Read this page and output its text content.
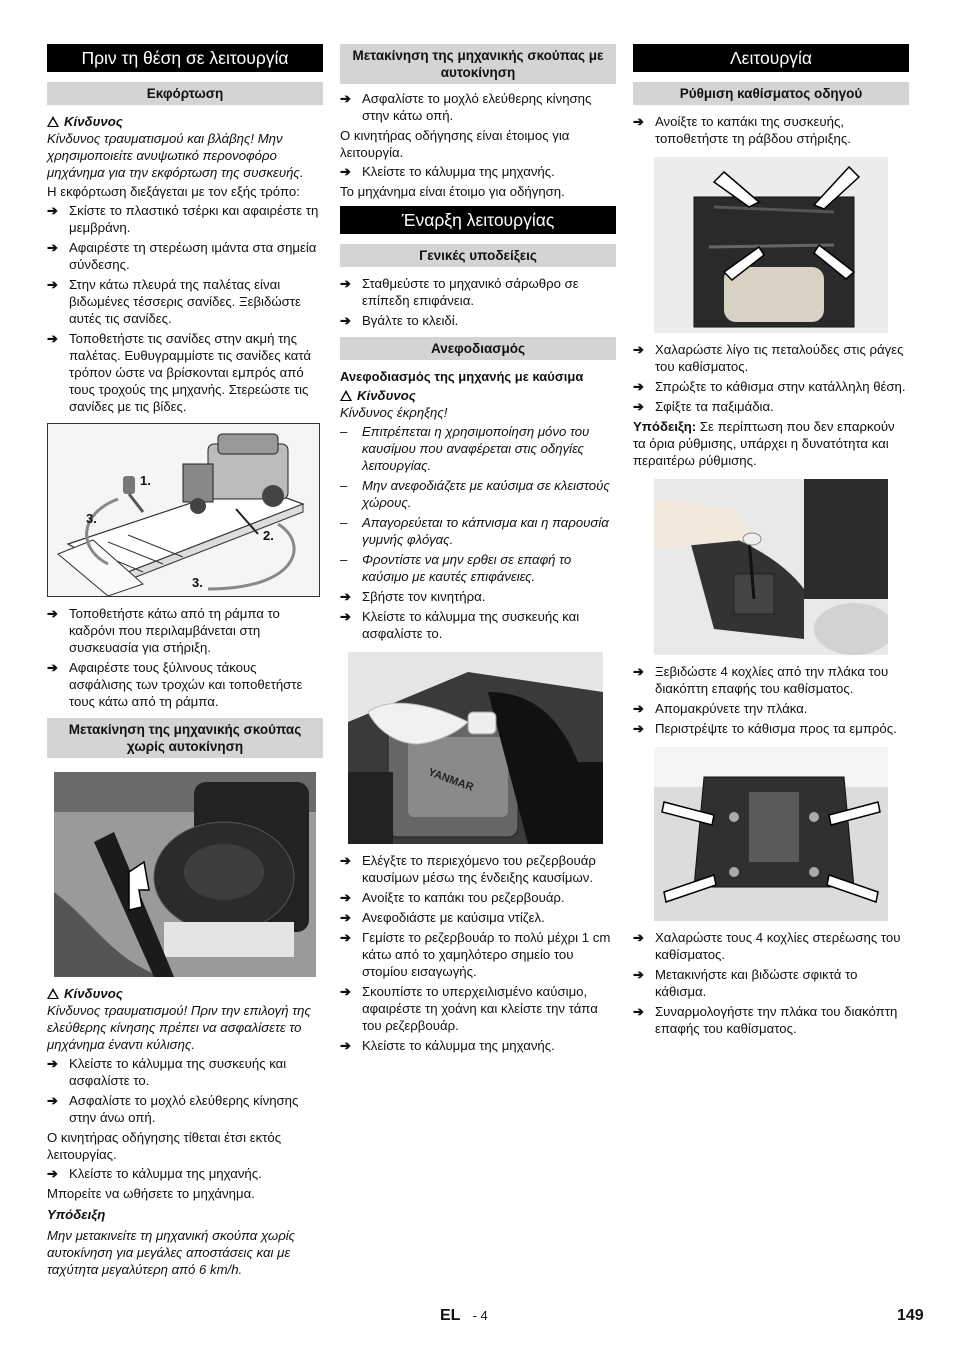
Πριν τη θέση σε λειτουργία
Εκφόρτωση
Κίνδυνος

Κίνδυνος τραυματισμού και βλάβης! Μην χρησιμοποιείτε ανυψωτικό περονοφόρο μηχάνημα για την εκφόρτωση της συσκευής.

Η εκφόρτωση διεξάγεται με τον εξής τρόπο:

➔ Σκίστε το πλαστικό τσέρκι και αφαιρέστε τη μεμβράνη.
➔ Αφαιρέστε τη στερέωση ιμάντα στα σημεία σύνδεσης.
➔ Στην κάτω πλευρά της παλέτας είναι βιδωμένες τέσσερις σανίδες. Ξεβιδώστε αυτές τις σανίδες.
➔ Τοποθετήστε τις σανίδες στην ακμή της παλέτας. Ευθυγραμμίστε τις σανίδες κατά τρόπον ώστε να βρίσκονται εμπρός από τους τροχούς της μηχανής. Στερεώστε τις σανίδες με τις βίδες.
1.
2.
3.
3.
➔ Τοποθετήστε κάτω από τη ράμπα το καδρόνι που περιλαμβάνεται στη συσκευασία για στήριξη.
➔ Αφαιρέστε τους ξύλινους τάκους ασφάλισης των τροχών και τοποθετήστε τους κάτω από τη ράμπα.
Μετακίνηση της μηχανικής σκούπας χωρίς αυτοκίνηση
Κίνδυνος

Κίνδυνος τραυματισμού! Πριν την επιλογή της ελεύθερης κίνησης πρέπει να ασφαλίσετε το μηχάνημα έναντι κύλισης.

➔ Κλείστε το κάλυμμα της συσκευής και ασφαλίστε το.
➔ Ασφαλίστε το μοχλό ελεύθερης κίνησης στην άνω οπή.

Ο κινητήρας οδήγησης τίθεται έτσι εκτός λειτουργίας.

➔ Κλείστε το κάλυμμα της μηχανής.

Μπορείτε να ωθήσετε το μηχάνημα.

Υπόδειξη

Μην μετακινείτε τη μηχανική σκούπα χωρίς αυτοκίνηση για μεγάλες αποστάσεις και με ταχύτητα μεγαλύτερη από 6 km/h.

Μετακίνηση της μηχανικής σκούπας με αυτοκίνηση
➔ Ασφαλίστε το μοχλό ελεύθερης κίνησης στην κάτω οπή.

Ο κινητήρας οδήγησης είναι έτοιμος για λειτουργία.

➔ Κλείστε το κάλυμμα της μηχανής.

Το μηχάνημα είναι έτοιμο για οδήγηση.

Έναρξη λειτουργίας
Γενικές υποδείξεις
➔ Σταθμεύστε το μηχανικό σάρωθρο σε επίπεδη επιφάνεια.
➔ Βγάλτε το κλειδί.
Ανεφοδιασμός

Ανεφοδιασμός της μηχανής με καύσιμα

Κίνδυνος

Κίνδυνος έκρηξης!

– Επιτρέπεται η χρησιμοποίηση μόνο του καυσίμου που αναφέρεται στις οδηγίες λειτουργίας.
– Μην ανεφοδιάζετε με καύσιμα σε κλειστούς χώρους.
– Απαγορεύεται το κάπνισμα και η παρουσία γυμνής φλόγας.
– Φροντίστε να μην ερθει σε επαφή το καύσιμο με καυτές επιφάνειες.
➔ Σβήστε τον κινητήρα.
➔ Κλείστε το κάλυμμα της συσκευής και ασφαλίστε το.
YANMAR
➔ Ελέγξτε το περιεχόμενο του ρεζερβουάρ καυσίμων μέσω της ένδειξης καυσίμων.
➔ Ανοίξτε το καπάκι του ρεζερβουάρ.
➔ Ανεφοδιάστε με καύσιμα ντίζελ.
➔ Γεμίστε το ρεζερβουάρ το πολύ μέχρι 1 cm κάτω από το χαμηλότερο σημείο του στομίου εισαγωγής.
➔ Σκουπίστε το υπερχειλισμένο καύσιμο, αφαιρέστε τη χοάνη και κλείστε την τάπα του ρεζερβουάρ.
➔ Κλείστε το κάλυμμα της μηχανής.
Λειτουργία
Ρύθμιση καθίσματος οδηγού
➔ Ανοίξτε το καπάκι της συσκευής, τοποθετήστε τη ράβδου στήριξης.
➔ Χαλαρώστε λίγο τις πεταλούδες στις ράγες του καθίσματος.
➔ Σπρώξτε το κάθισμα στην κατάλληλη θέση.
➔ Σφίξτε τα παξιμάδια.

Υπόδειξη: Σε περίπτωση που δεν επαρκούν τα όρια ρύθμισης, υπάρχει η δυνατότητα και περαιτέρω ρύθμισης.

➔ Ξεβιδώστε 4 κοχλίες από την πλάκα του διακόπτη επαφής του καθίσματος.
➔ Απομακρύνετε την πλάκα.
➔ Περιστρέψτε το κάθισμα προς τα εμπρός.
➔ Χαλαρώστε τους 4 κοχλίες στερέωσης του καθίσματος.
➔ Μετακινήστε και βιδώστε σφικτά το κάθισμα.
➔ Συναρμολογήστε την πλάκα του διακόπτη επαφής του καθίσματος.
EL - 4	149
